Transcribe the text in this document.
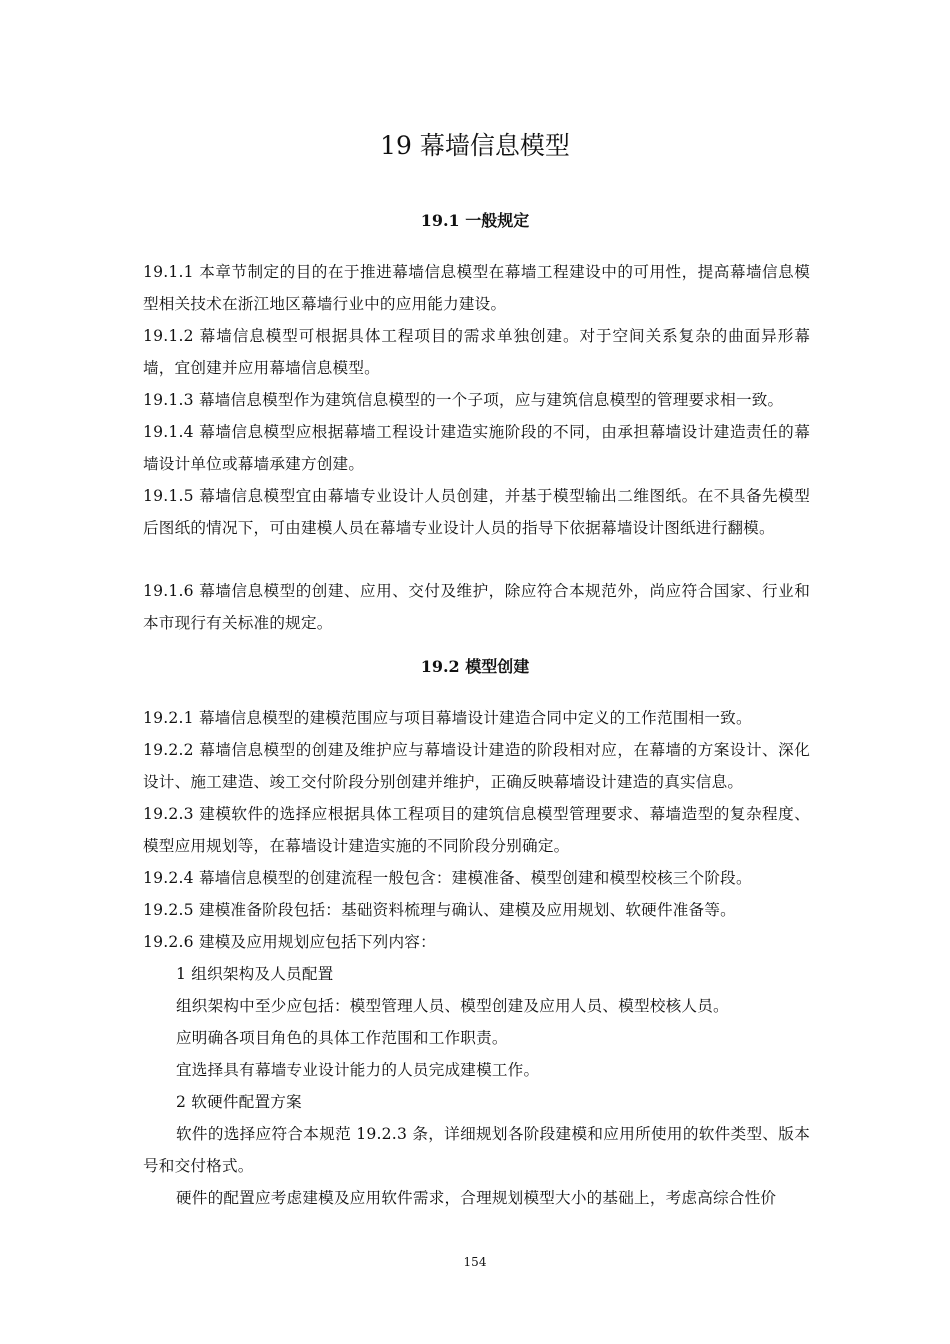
19 幕墙信息模型
19.1 一般规定

19.1.1 本章节制定的目的在于推进幕墙信息模型在幕墙工程建设中的可用性，提高幕墙信息模型相关技术在浙江地区幕墙行业中的应用能力建设。

19.1.2 幕墙信息模型可根据具体工程项目的需求单独创建。对于空间关系复杂的曲面异形幕墙，宜创建并应用幕墙信息模型。

19.1.3 幕墙信息模型作为建筑信息模型的一个子项，应与建筑信息模型的管理要求相一致。

19.1.4 幕墙信息模型应根据幕墙工程设计建造实施阶段的不同，由承担幕墙设计建造责任的幕墙设计单位或幕墙承建方创建。

19.1.5 幕墙信息模型宜由幕墙专业设计人员创建，并基于模型输出二维图纸。在不具备先模型后图纸的情况下，可由建模人员在幕墙专业设计人员的指导下依据幕墙设计图纸进行翻模。

19.1.6 幕墙信息模型的创建、应用、交付及维护，除应符合本规范外，尚应符合国家、行业和本市现行有关标准的规定。

19.2 模型创建

19.2.1 幕墙信息模型的建模范围应与项目幕墙设计建造合同中定义的工作范围相一致。

19.2.2 幕墙信息模型的创建及维护应与幕墙设计建造的阶段相对应，在幕墙的方案设计、深化设计、施工建造、竣工交付阶段分别创建并维护，正确反映幕墙设计建造的真实信息。

19.2.3 建模软件的选择应根据具体工程项目的建筑信息模型管理要求、幕墙造型的复杂程度、模型应用规划等，在幕墙设计建造实施的不同阶段分别确定。

19.2.4 幕墙信息模型的创建流程一般包含：建模准备、模型创建和模型校核三个阶段。

19.2.5 建模准备阶段包括：基础资料梳理与确认、建模及应用规划、软硬件准备等。

19.2.6 建模及应用规划应包括下列内容：

1 组织架构及人员配置

组织架构中至少应包括：模型管理人员、模型创建及应用人员、模型校核人员。

应明确各项目角色的具体工作范围和工作职责。

宜选择具有幕墙专业设计能力的人员完成建模工作。

2 软硬件配置方案

软件的选择应符合本规范 19.2.3 条，详细规划各阶段建模和应用所使用的软件类型、版本号和交付格式。

硬件的配置应考虑建模及应用软件需求，合理规划模型大小的基础上，考虑高综合性价

154
